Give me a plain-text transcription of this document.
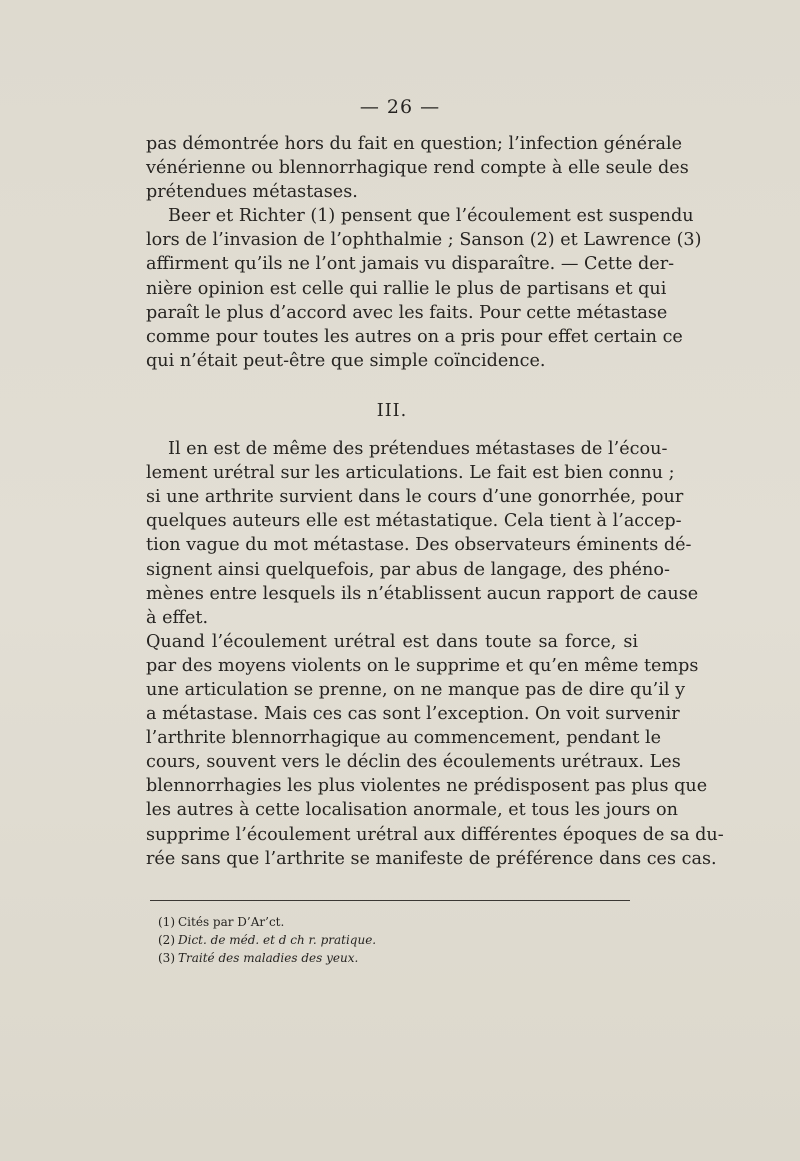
— 26 —
pas démontrée hors du fait en question; l’infection générale
vénérienne ou blennorrhagique rend compte à elle seule des
prétendues métastases.
Beer et Richter (1) pensent que l’écoulement est suspendu
lors de l’invasion de l’ophthalmie ; Sanson (2) et Lawrence (3)
affirment qu’ils ne l’ont jamais vu disparaître. — Cette der-
nière opinion est celle qui rallie le plus de partisans et qui
paraît le plus d’accord avec les faits. Pour cette métastase
comme pour toutes les autres on a pris pour effet certain ce
qui n’était peut-être que simple coïncidence.
III.
Il en est de même des prétendues métastases de l’écou-
lement urétral sur les articulations. Le fait est bien connu ;
si une arthrite survient dans le cours d’une gonorrhée, pour
quelques auteurs elle est métastatique. Cela tient à l’accep-
tion vague du mot métastase. Des observateurs éminents dé-
signent ainsi quelquefois, par abus de langage, des phéno-
mènes entre lesquels ils n’établissent aucun rapport de cause
à effet.
Quand l’écoulement urétral est dans toute sa force, si
par des moyens violents on le supprime et qu’en même temps
une articulation se prenne, on ne manque pas de dire qu’il y
a métastase. Mais ces cas sont l’exception. On voit survenir
l’arthrite blennorrhagique au commencement, pendant le
cours, souvent vers le déclin des écoulements urétraux. Les
blennorrhagies les plus violentes ne prédisposent pas plus que
les autres à cette localisation anormale, et tous les jours on
supprime l’écoulement urétral aux différentes époques de sa du-
rée sans que l’arthrite se manifeste de préférence dans ces cas.
(1) Cités par D’Ar’ct.
(2) Dict. de méd. et d ch r. pratique.
(3) Traité des maladies des yeux.
